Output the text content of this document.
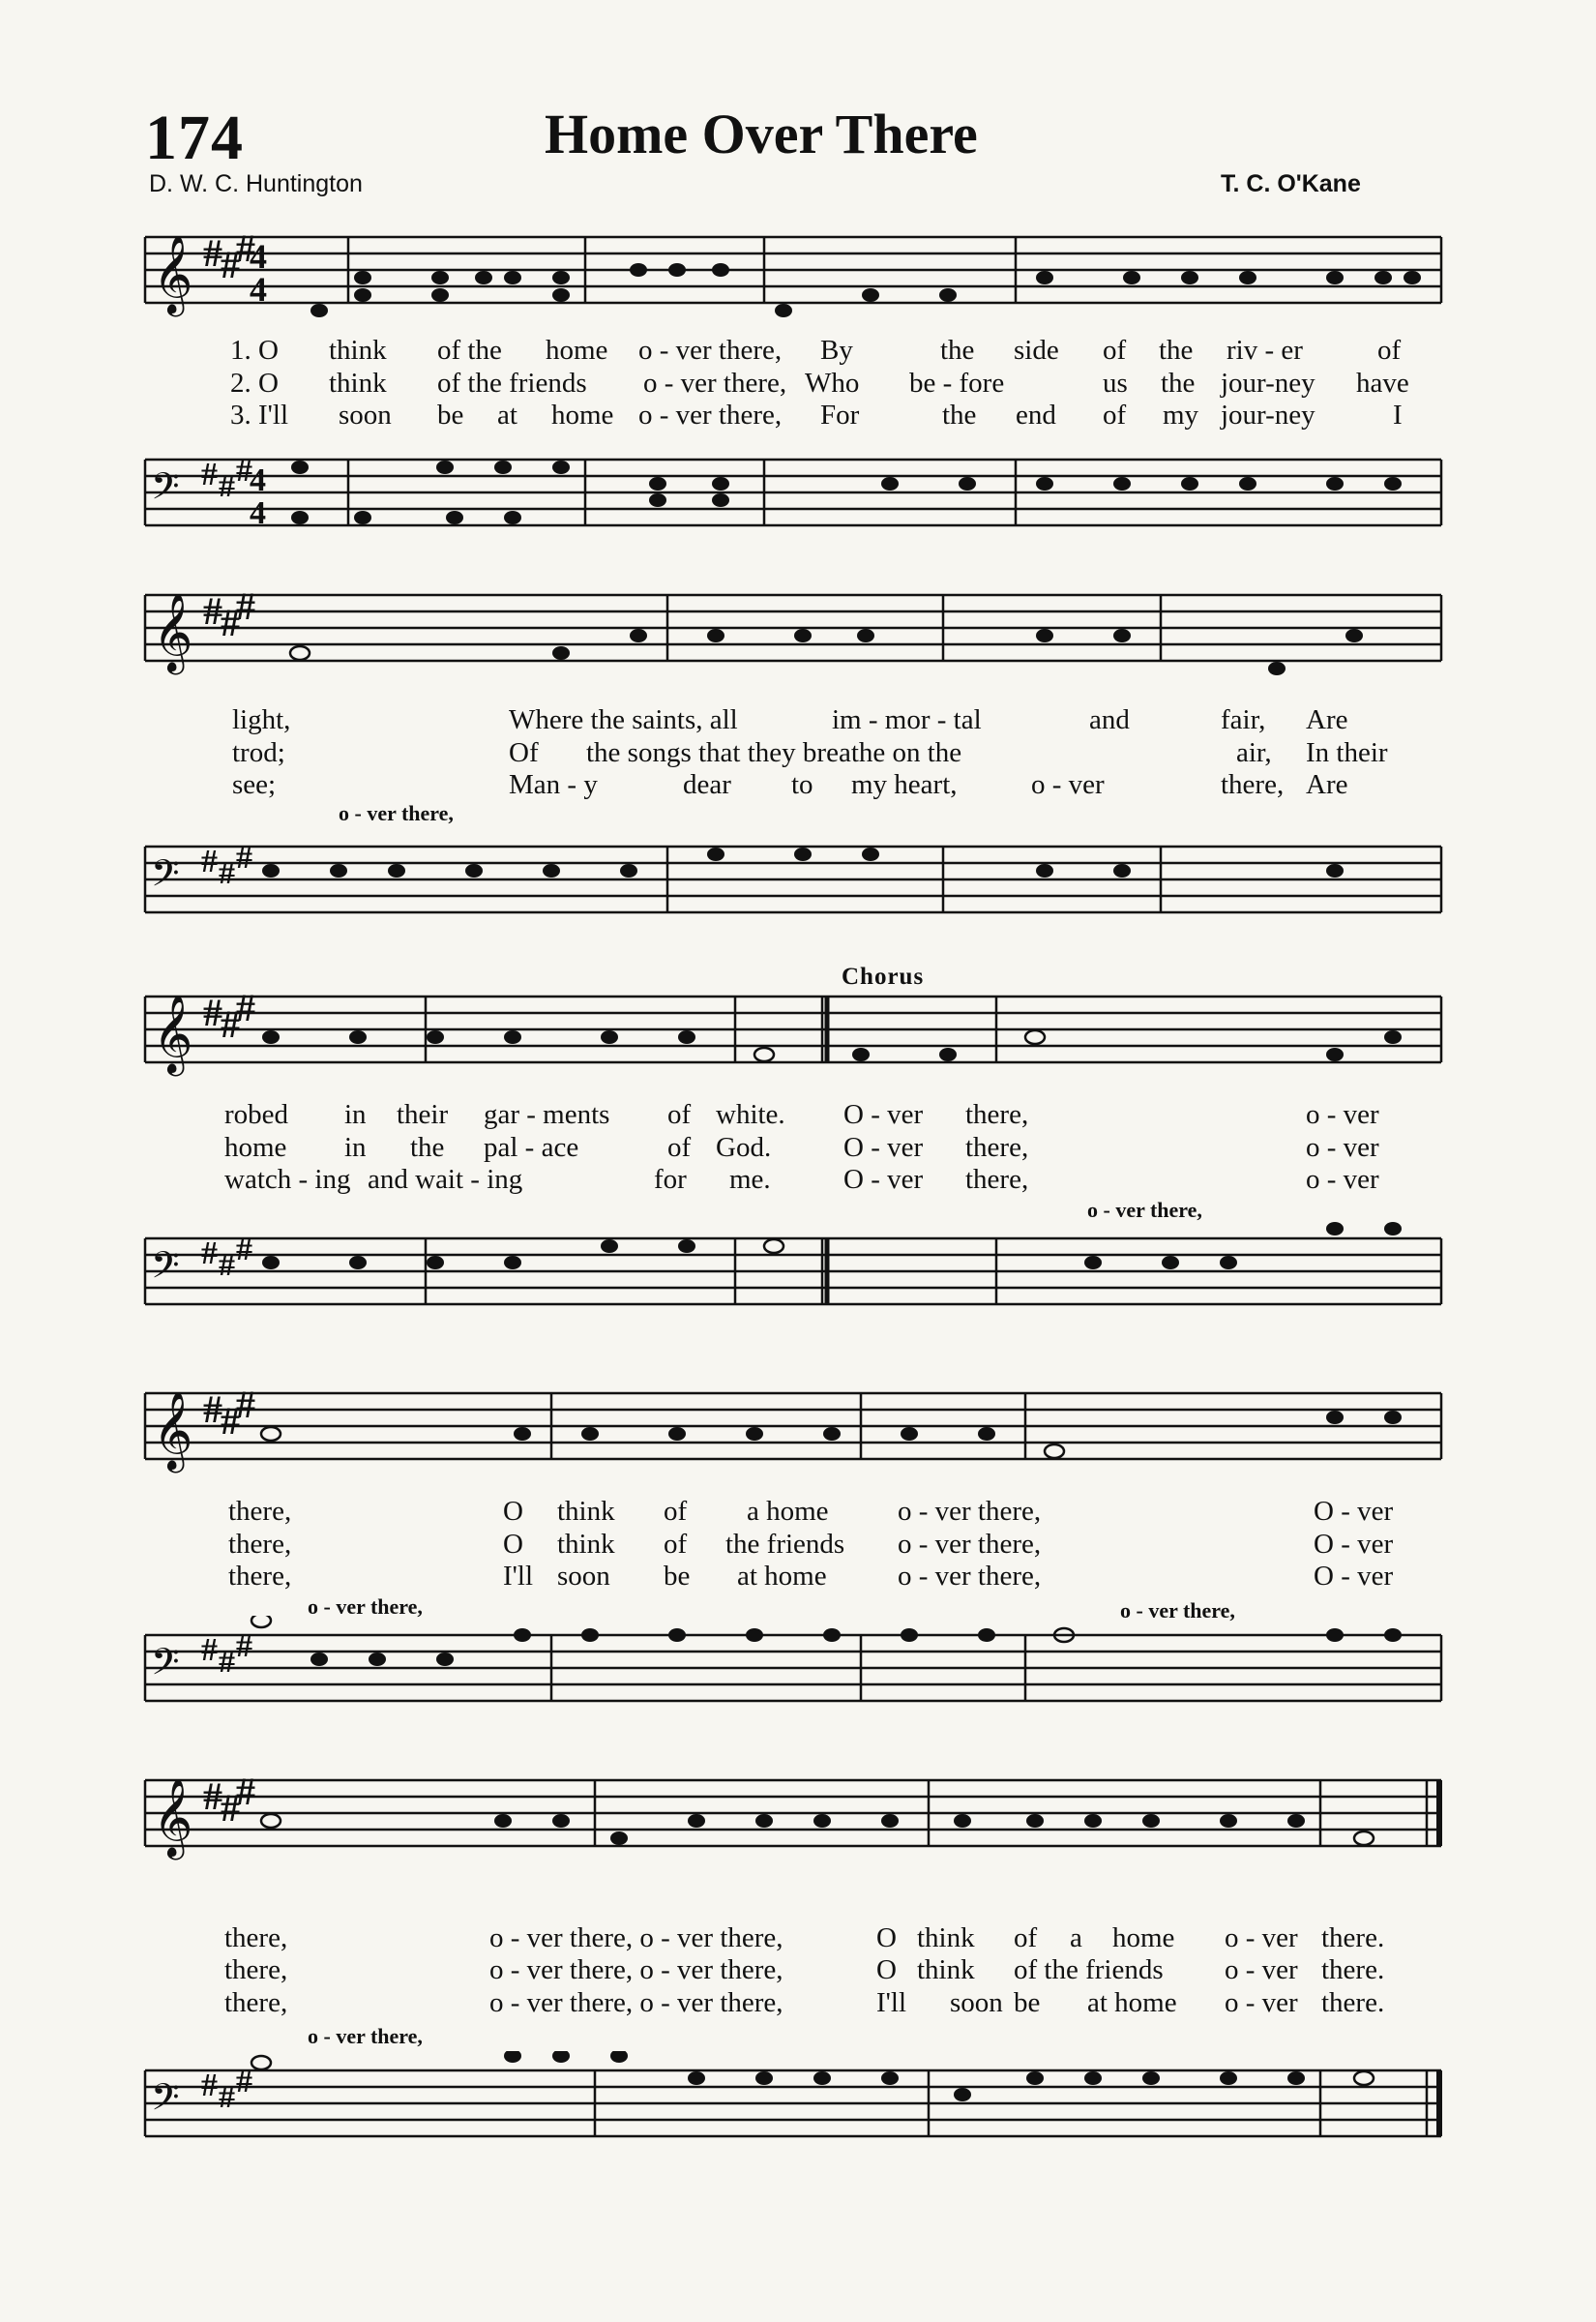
174	Home Over There
D. W. C. Huntington	T. C. O'Kane
𝄞 #
#
#
4
4
1. O think of the home o - ver there, By	the side of the riv - er	of
2. O think of the friends o - ver there, Who be - fore	us the jour-ney have
3. I'll soon be at home o - ver there, For	the end of my jour-ney	I
𝄢 # # #
4
4
𝄞 #
#
#
light,	Where the saints, all	im - mor - tal	and	fair, Are
trod;	Of the songs that they breathe on the	air, In their
see;	Man - y	dear to my heart,	o - ver	there, Are
o - ver there,
𝄢 # # #
Chorus
𝄞 #
#
#
robed in their gar - ments of white. O - ver there,	o - ver
home in the pal - ace	of God.	O - ver there,	o - ver
watch - ing and wait - ing	for me.	O - ver there,	o - ver
o - ver there,
𝄢 # # #
𝄞 #
#
#
there,	O think of a home o - ver there,	O - ver
there,	O think of the friends o - ver there,	O - ver
there,	I'll soon be at home	o - ver there,	O - ver
o - ver there,	o - ver there,
𝄢 # # #
𝄞 #
#
#
there,	o - ver there, o - ver there,	O think of a home o - ver there.
there,	o - ver there, o - ver there,	O think of the friends o - ver there.
there,	o - ver there, o - ver there,	I'll soon be at home o - ver there.
o - ver there,
𝄢 # # #
